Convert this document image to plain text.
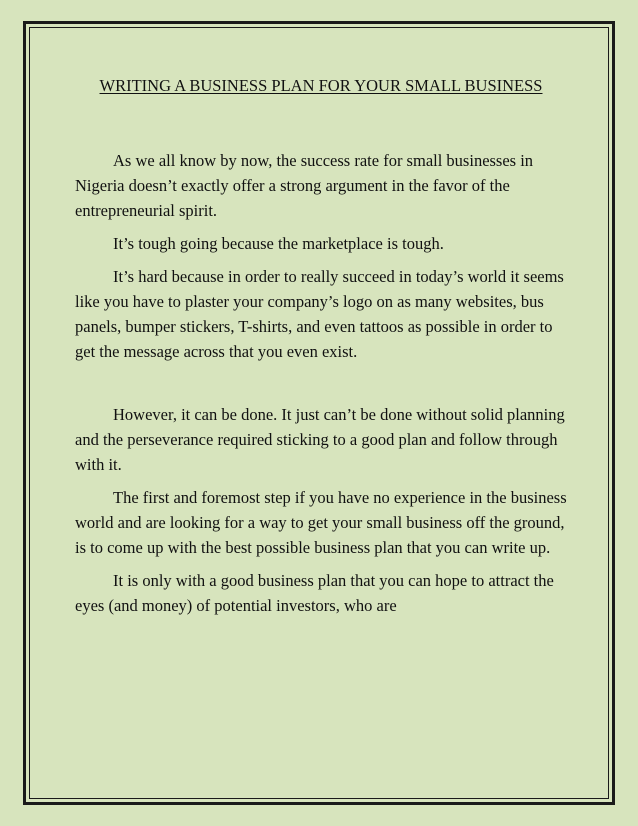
WRITING A BUSINESS PLAN FOR YOUR SMALL BUSINESS

As we all know by now, the success rate for small businesses in Nigeria doesn’t exactly offer a strong argument in the favor of the entrepreneurial spirit.

It’s tough going because the marketplace is tough.

It’s hard because in order to really succeed in today’s world it seems like you have to plaster your company’s logo on as many websites, bus panels, bumper stickers, T-shirts, and even tattoos as possible in order to get the message across that you even exist.

However, it can be done. It just can’t be done without solid planning and the perseverance required sticking to a good plan and follow through with it.

The first and foremost step if you have no experience in the business world and are looking for a way to get your small business off the ground, is to come up with the best possible business plan that you can write up.

It is only with a good business plan that you can hope to attract the eyes (and money) of potential investors, who are
